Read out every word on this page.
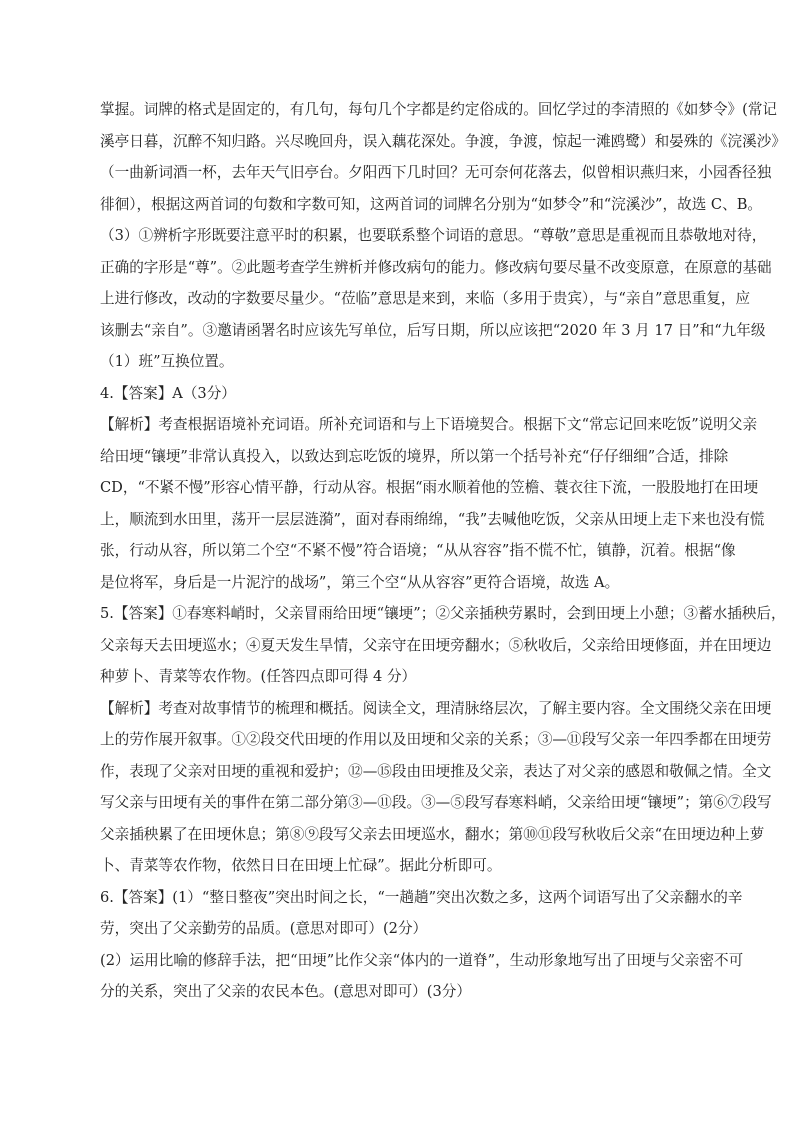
掌握。词牌的格式是固定的，有几句，每句几个字都是约定俗成的。回忆学过的李清照的《如梦令》(常记
溪亭日暮，沉醉不知归路。兴尽晚回舟，误入藕花深处。争渡，争渡，惊起一滩鸥鹭）和晏殊的《浣溪沙》
（一曲新词酒一杯，去年天气旧亭台。夕阳西下几时回？无可奈何花落去，似曾相识燕归来，小园香径独
徘徊），根据这两首词的句数和字数可知，这两首词的词牌名分别为“如梦令”和“浣溪沙”，故选 C、B。
（3）①辨析字形既要注意平时的积累，也要联系整个词语的意思。“尊敬”意思是重视而且恭敬地对待，
正确的字形是“尊”。②此题考查学生辨析并修改病句的能力。修改病句要尽量不改变原意，在原意的基础
上进行修改，改动的字数要尽量少。“莅临”意思是来到，来临（多用于贵宾），与“亲自”意思重复，应
该删去“亲自”。③邀请函署名时应该先写单位，后写日期，所以应该把“2020 年 3 月 17 日”和“九年级
（1）班”互换位置。
4.【答案】A（3分）
【解析】考查根据语境补充词语。所补充词语和与上下语境契合。根据下文“常忘记回来吃饭”说明父亲
给田埂“镶埂”非常认真投入，以致达到忘吃饭的境界，所以第一个括号补充“仔仔细细”合适，排除
CD，“不紧不慢”形容心情平静，行动从容。根据“雨水顺着他的笠檐、蓑衣往下流，一股股地打在田埂
上，顺流到水田里，荡开一层层涟漪”，面对春雨绵绵，“我”去喊他吃饭，父亲从田埂上走下来也没有慌
张，行动从容，所以第二个空“不紧不慢”符合语境；“从从容容”指不慌不忙，镇静，沉着。根据“像
是位将军，身后是一片泥泞的战场”，第三个空“从从容容”更符合语境，故选 A。
5.【答案】①春寒料峭时，父亲冒雨给田埂“镶埂”；②父亲插秧劳累时，会到田埂上小憩；③蓄水插秧后，
父亲每天去田埂巡水；④夏天发生旱情，父亲守在田埂旁翻水；⑤秋收后，父亲给田埂修面，并在田埂边
种萝卜、青菜等农作物。(任答四点即可得 4 分）
【解析】考查对故事情节的梳理和概括。阅读全文，理清脉络层次，了解主要内容。全文围绕父亲在田埂
上的劳作展开叙事。①②段交代田埂的作用以及田埂和父亲的关系；③—⑪段写父亲一年四季都在田埂劳
作，表现了父亲对田埂的重视和爱护；⑫—⑮段由田埂推及父亲，表达了对父亲的感恩和敬佩之情。全文
写父亲与田埂有关的事件在第二部分第③—⑪段。③—⑤段写春寒料峭，父亲给田埂“镶埂”；第⑥⑦段写
父亲插秧累了在田埂休息；第⑧⑨段写父亲去田埂巡水，翻水；第⑩⑪段写秋收后父亲“在田埂边种上萝
卜、青菜等农作物，依然日日在田埂上忙碌”。据此分析即可。
6.【答案】(1）“整日整夜”突出时间之长，“一趟趟”突出次数之多，这两个词语写出了父亲翻水的辛
劳，突出了父亲勤劳的品质。(意思对即可）(2分）
(2）运用比喻的修辞手法，把“田埂”比作父亲“体内的一道脊”，生动形象地写出了田埂与父亲密不可
分的关系，突出了父亲的农民本色。(意思对即可）(3分）
